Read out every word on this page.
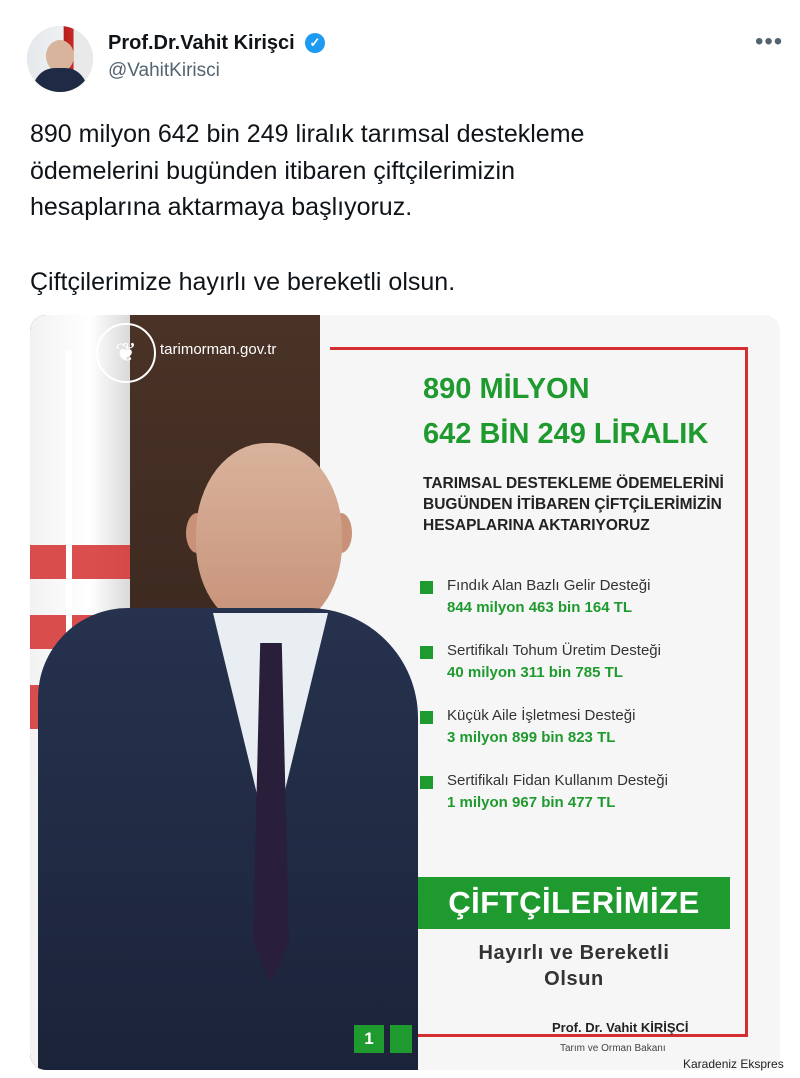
Prof.Dr.Vahit Kirişci	✓
@VahitKirisci
•••

890 milyon 642 bin 249 liralık tarımsal destekleme

ödemelerini bugünden itibaren çiftçilerimizin

hesaplarına aktarmaya başlıyoruz.

Çiftçilerimize hayırlı ve bereketli olsun.

❦	tarimorman.gov.tr
890 MİLYON
642 BİN 249 LİRALIK
TARIMSAL DESTEKLEME ÖDEMELERİNİ BUGÜNDEN İTİBAREN ÇİFTÇİLERİMİZİN HESAPLARINA AKTARIYORUZ
Fındık Alan Bazlı Gelir Desteği
844 milyon 463 bin 164 TL
Sertifikalı Tohum Üretim Desteği
40 milyon 311 bin 785 TL
Küçük Aile İşletmesi Desteği
3 milyon 899 bin 823 TL
Sertifikalı Fidan Kullanım Desteği
1 milyon 967 bin 477 TL
ÇİFTÇİLERİMİZE
Hayırlı ve Bereketli
Olsun
1
Prof. Dr. Vahit KİRİŞCİ
Tarım ve Orman Bakanı
Karadeniz Ekspres
